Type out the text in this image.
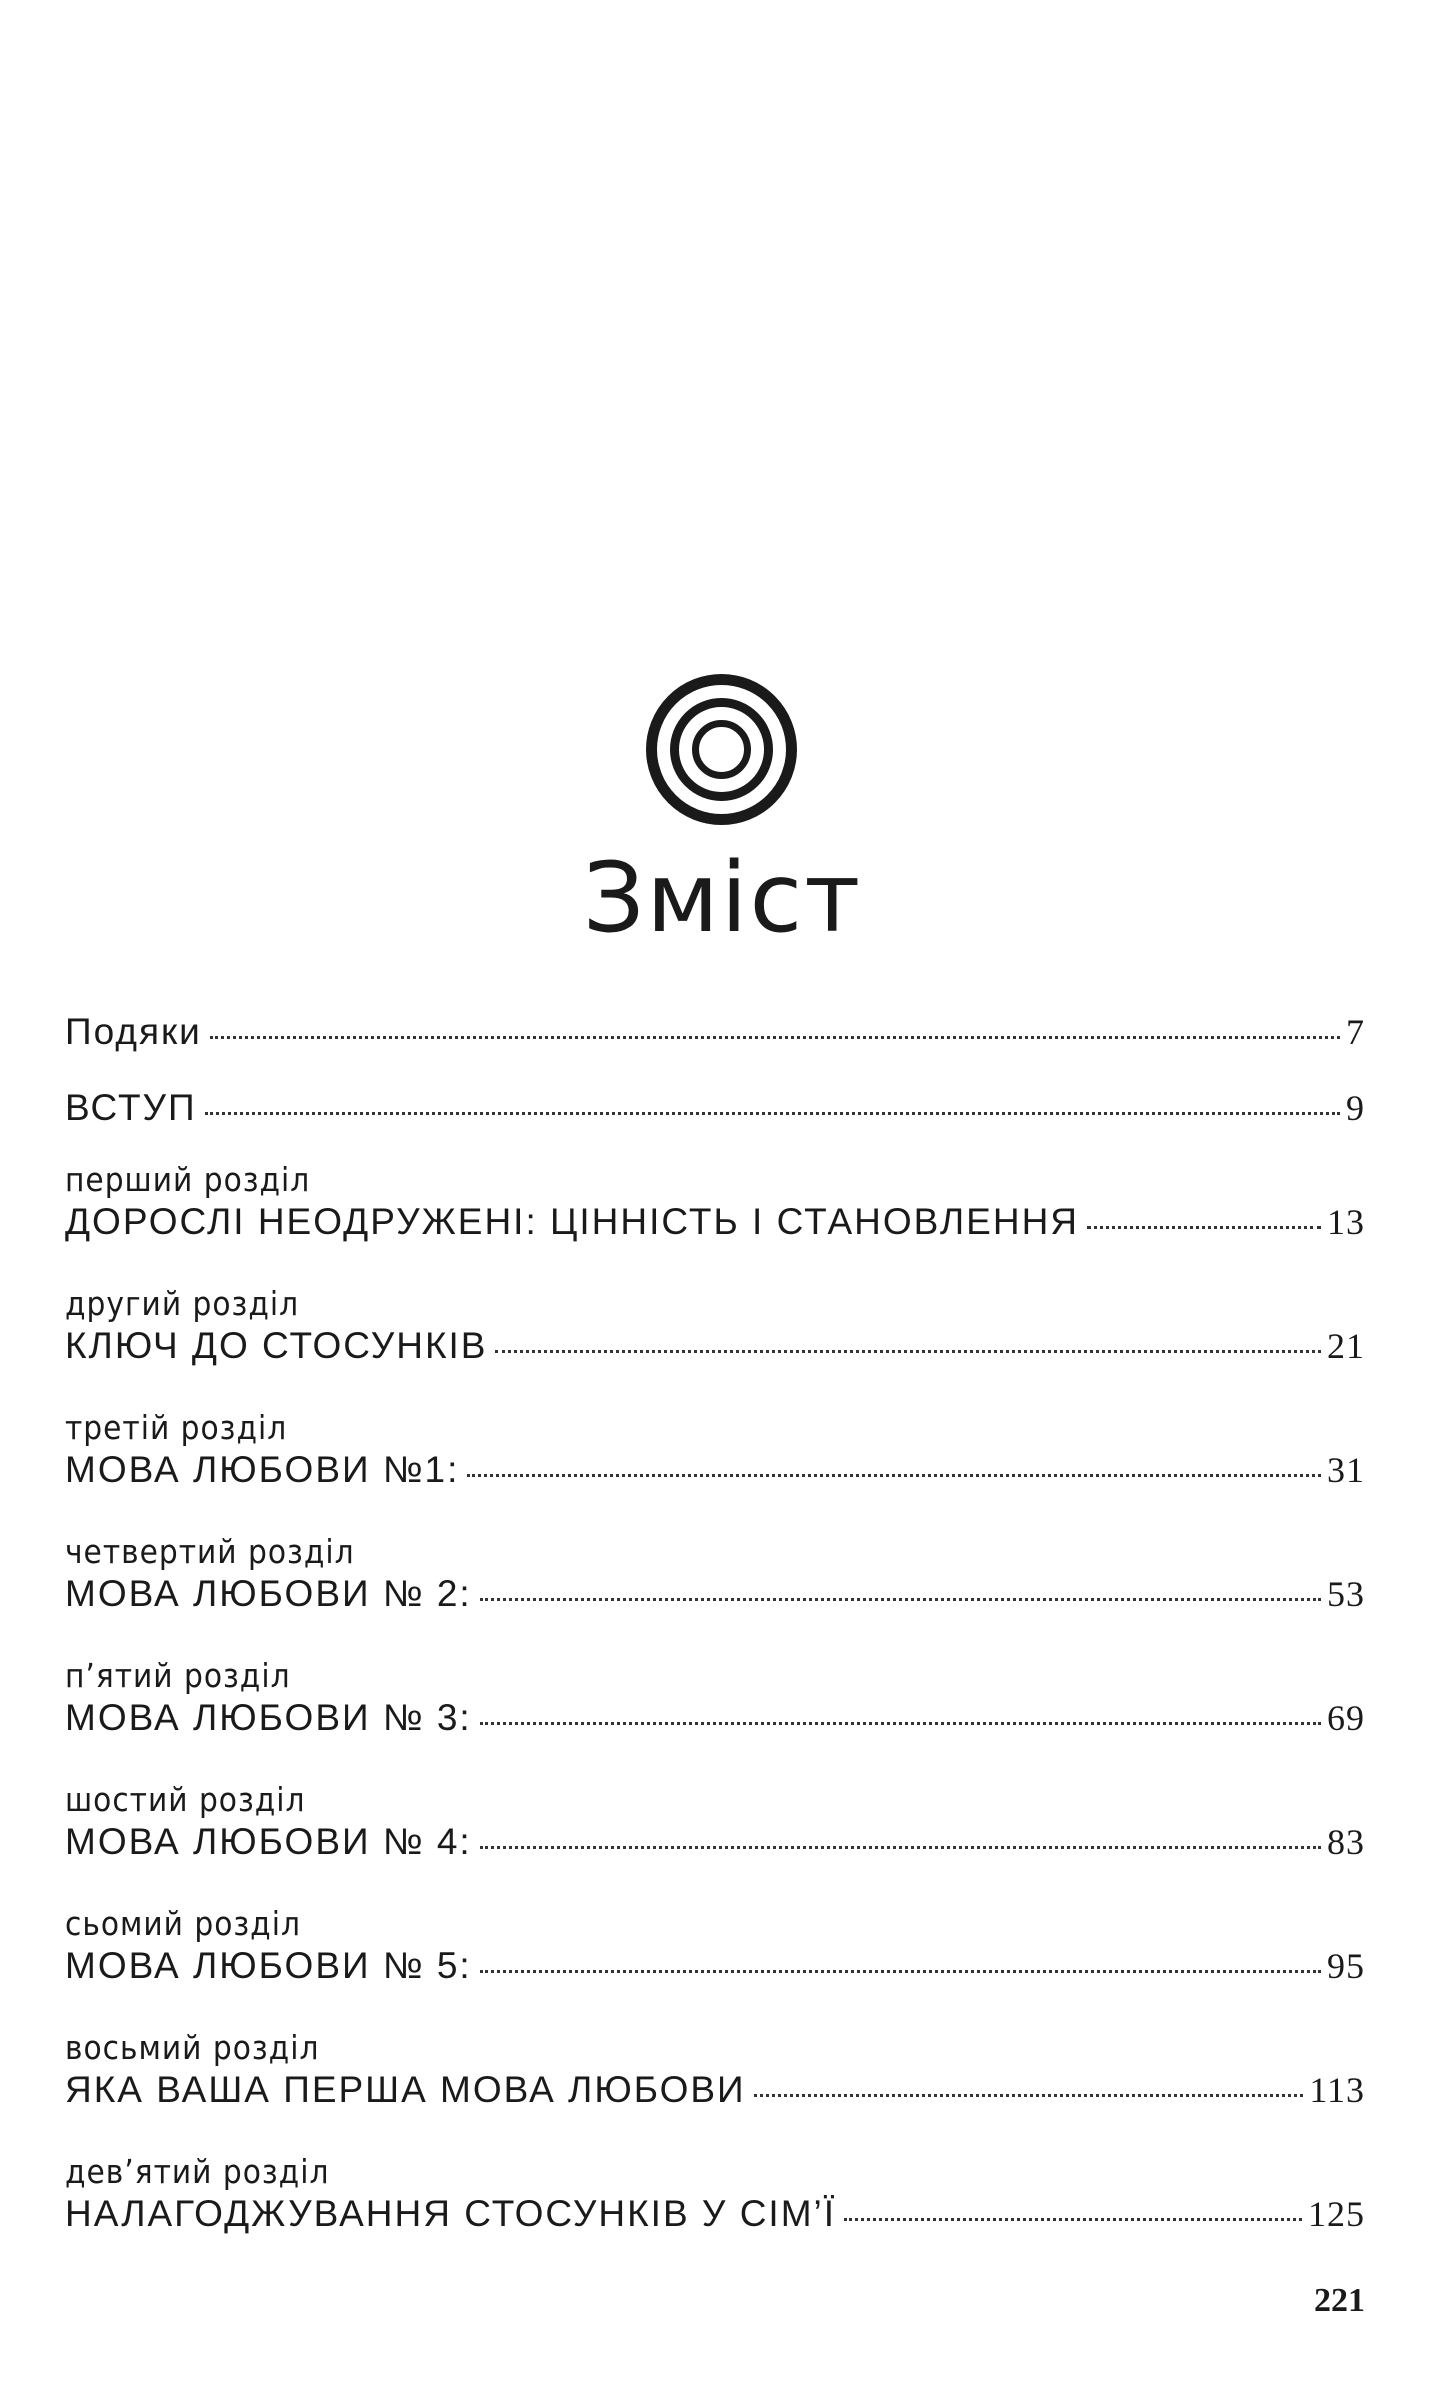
Зміст
Подяки	7
ВСТУП	9
перший розділ
ДОРОСЛІ НЕОДРУЖЕНІ: ЦІННІСТЬ І СТАНОВЛЕННЯ	13
другий розділ
КЛЮЧ ДО СТОСУНКІВ	21
третій розділ
МОВА ЛЮБОВИ №1:	31
четвертий розділ
МОВА ЛЮБОВИ № 2:	53
п’ятий розділ
МОВА ЛЮБОВИ № 3:	69
шостий розділ
МОВА ЛЮБОВИ № 4:	83
сьомий розділ
МОВА ЛЮБОВИ № 5:	95
восьмий розділ
ЯКА ВАША ПЕРША МОВА ЛЮБОВИ	113
дев’ятий розділ
НАЛАГОДЖУВАННЯ СТОСУНКІВ У СІМ’Ї	125
221
